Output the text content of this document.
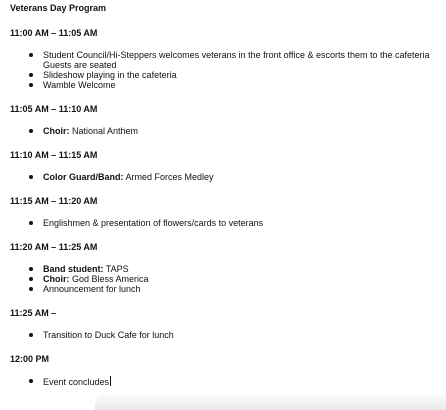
Veterans Day Program
11:00 AM – 11:05 AM
Student Council/Hi-Steppers welcomes veterans in the front office & escorts them to the cafeteria
Guests are seated
Slideshow playing in the cafeteria
Wamble Welcome
11:05 AM – 11:10 AM
Choir: National Anthem
11:10 AM – 11:15 AM
Color Guard/Band: Armed Forces Medley
11:15 AM – 11:20 AM
Englishmen & presentation of flowers/cards to veterans
11:20 AM – 11:25 AM
Band student: TAPS
Choir: God Bless America
Announcement for lunch
11:25 AM –
Transition to Duck Cafe for lunch
12:00 PM
Event concludes
